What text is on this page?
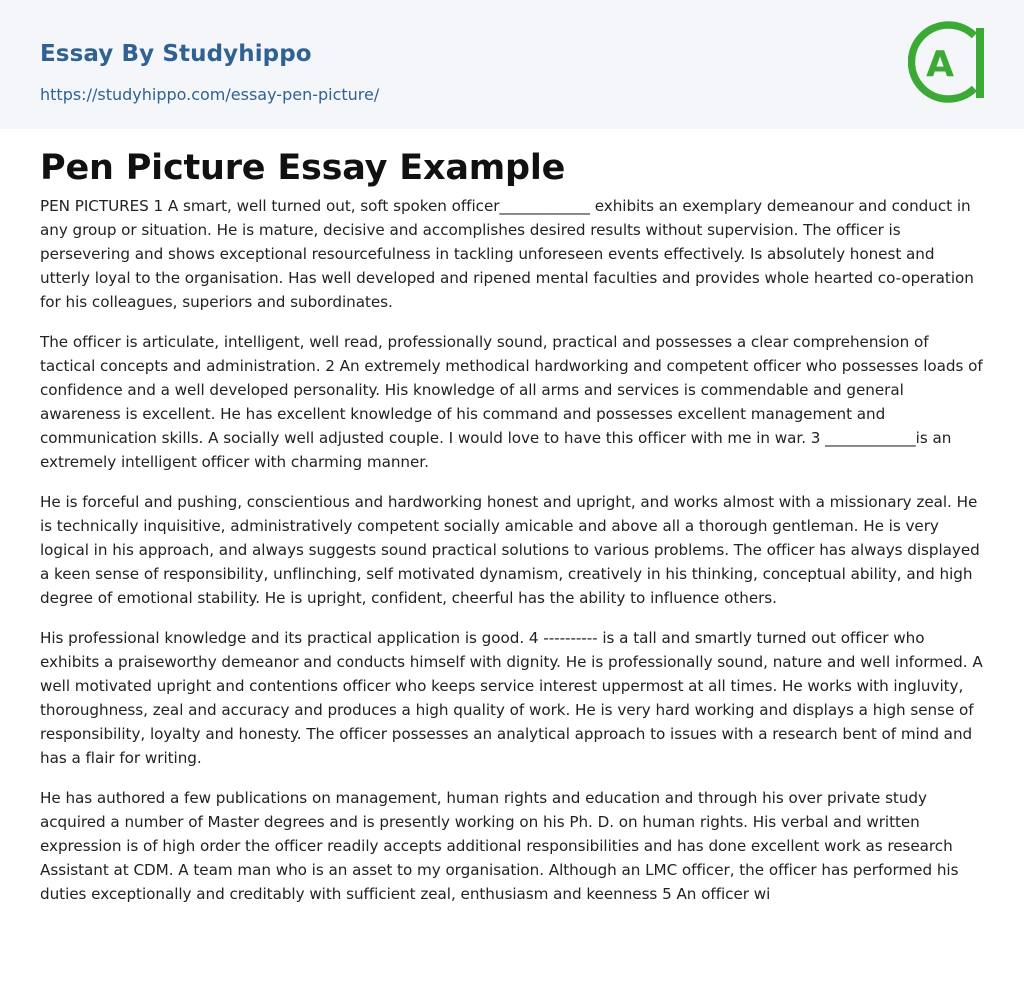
Essay By Studyhippo
https://studyhippo.com/essay-pen-picture/
A
Pen Picture Essay Example

PEN PICTURES 1 A smart, well turned out, soft spoken officer____________ exhibits an exemplary demeanour and conduct in any group or situation. He is mature, decisive and accomplishes desired results without supervision. The officer is persevering and shows exceptional resourcefulness in tackling unforeseen events effectively. Is absolutely honest and utterly loyal to the organisation. Has well developed and ripened mental faculties and provides whole hearted co-operation for his colleagues, superiors and subordinates.

The officer is articulate, intelligent, well read, professionally sound, practical and possesses a clear comprehension of tactical concepts and administration. 2 An extremely methodical hardworking and competent officer who possesses loads of confidence and a well developed personality. His knowledge of all arms and services is commendable and general awareness is excellent. He has excellent knowledge of his command and possesses excellent management and communication skills. A socially well adjusted couple. I would love to have this officer with me in war. 3 ____________is an extremely intelligent officer with charming manner.

He is forceful and pushing, conscientious and hardworking honest and upright, and works almost with a missionary zeal. He is technically inquisitive, administratively competent socially amicable and above all a thorough gentleman. He is very logical in his approach, and always suggests sound practical solutions to various problems. The officer has always displayed a keen sense of responsibility, unflinching, self motivated dynamism, creatively in his thinking, conceptual ability, and high degree of emotional stability. He is upright, confident, cheerful has the ability to influence others.

His professional knowledge and its practical application is good. 4 ---------- is a tall and smartly turned out officer who exhibits a praiseworthy demeanor and conducts himself with dignity. He is professionally sound, nature and well informed. A well motivated upright and contentions officer who keeps service interest uppermost at all times. He works with ingluvity, thoroughness, zeal and accuracy and produces a high quality of work. He is very hard working and displays a high sense of responsibility, loyalty and honesty. The officer possesses an analytical approach to issues with a research bent of mind and has a flair for writing.

He has authored a few publications on management, human rights and education and through his over private study acquired a number of Master degrees and is presently working on his Ph. D. on human rights. His verbal and written expression is of high order the officer readily accepts additional responsibilities and has done excellent work as research Assistant at CDM. A team man who is an asset to my organisation. Although an LMC officer, the officer has performed his duties exceptionally and creditably with sufficient zeal, enthusiasm and keenness 5 An officer wi
